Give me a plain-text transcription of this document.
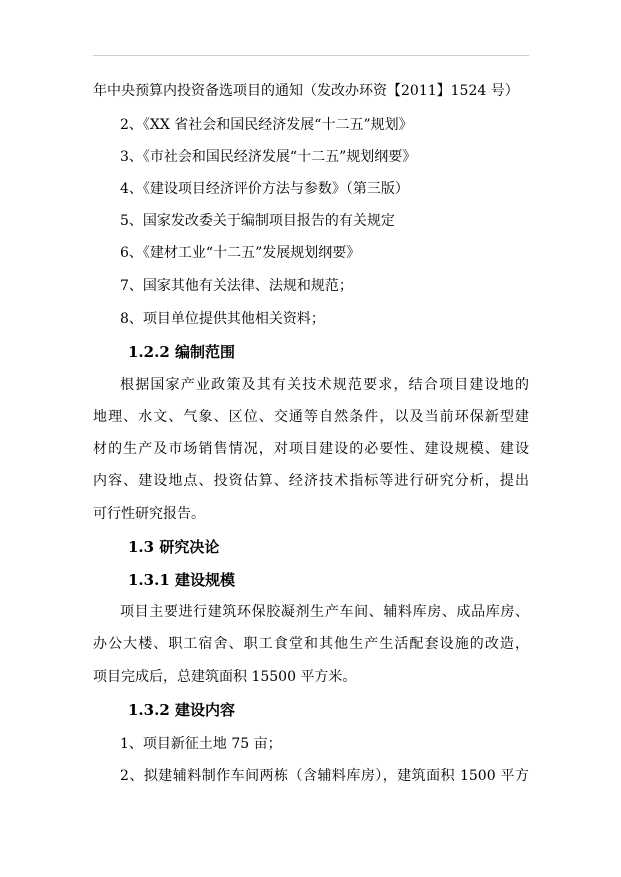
年中央预算内投资备选项目的通知（发改办环资【2011】1524 号）
2、《XX 省社会和国民经济发展“十二五”规划》
3、《市社会和国民经济发展“十二五”规划纲要》
4、《建设项目经济评价方法与参数》（第三版）
5、国家发改委关于编制项目报告的有关规定
6、《建材工业“十二五”发展规划纲要》
7、国家其他有关法律、法规和规范；
8、项目单位提供其他相关资料；
1.2.2 编制范围
根据国家产业政策及其有关技术规范要求，结合项目建设地的
地理、水文、气象、区位、交通等自然条件，以及当前环保新型建
材的生产及市场销售情况，对项目建设的必要性、建设规模、建设
内容、建设地点、投资估算、经济技术指标等进行研究分析，提出
可行性研究报告。
1.3 研究决论
1.3.1 建设规模
项目主要进行建筑环保胶凝剂生产车间、辅料库房、成品库房、
办公大楼、职工宿舍、职工食堂和其他生产生活配套设施的改造，
项目完成后，总建筑面积 15500 平方米。
1.3.2 建设内容
1、项目新征土地 75 亩；
2、拟建辅料制作车间两栋（含辅料库房），建筑面积 1500 平方
